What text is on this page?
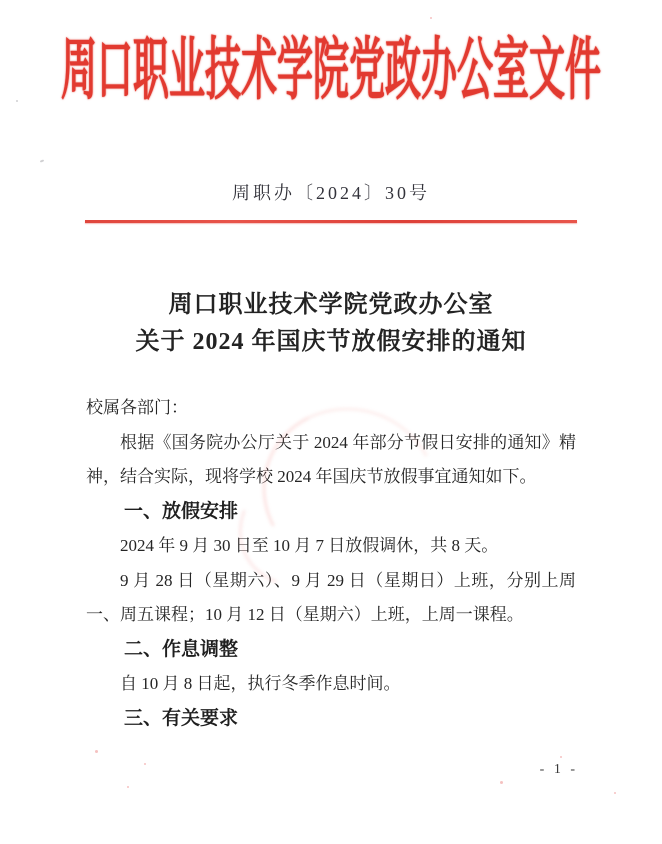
周口职业技术学院党政办公室文件
周职办〔2024〕30号
周口职业技术学院党政办公室
关于 2024 年国庆节放假安排的通知
校属各部门：
根据《国务院办公厅关于 2024 年部分节假日安排的通知》精神，结合实际，现将学校 2024 年国庆节放假事宜通知如下。
一、放假安排
2024 年 9 月 30 日至 10 月 7 日放假调休，共 8 天。
9 月 28 日（星期六）、9 月 29 日（星期日）上班，分别上周一、周五课程；10 月 12 日（星期六）上班，上周一课程。
二、作息调整
自 10 月 8 日起，执行冬季作息时间。
三、有关要求
- 1 -
